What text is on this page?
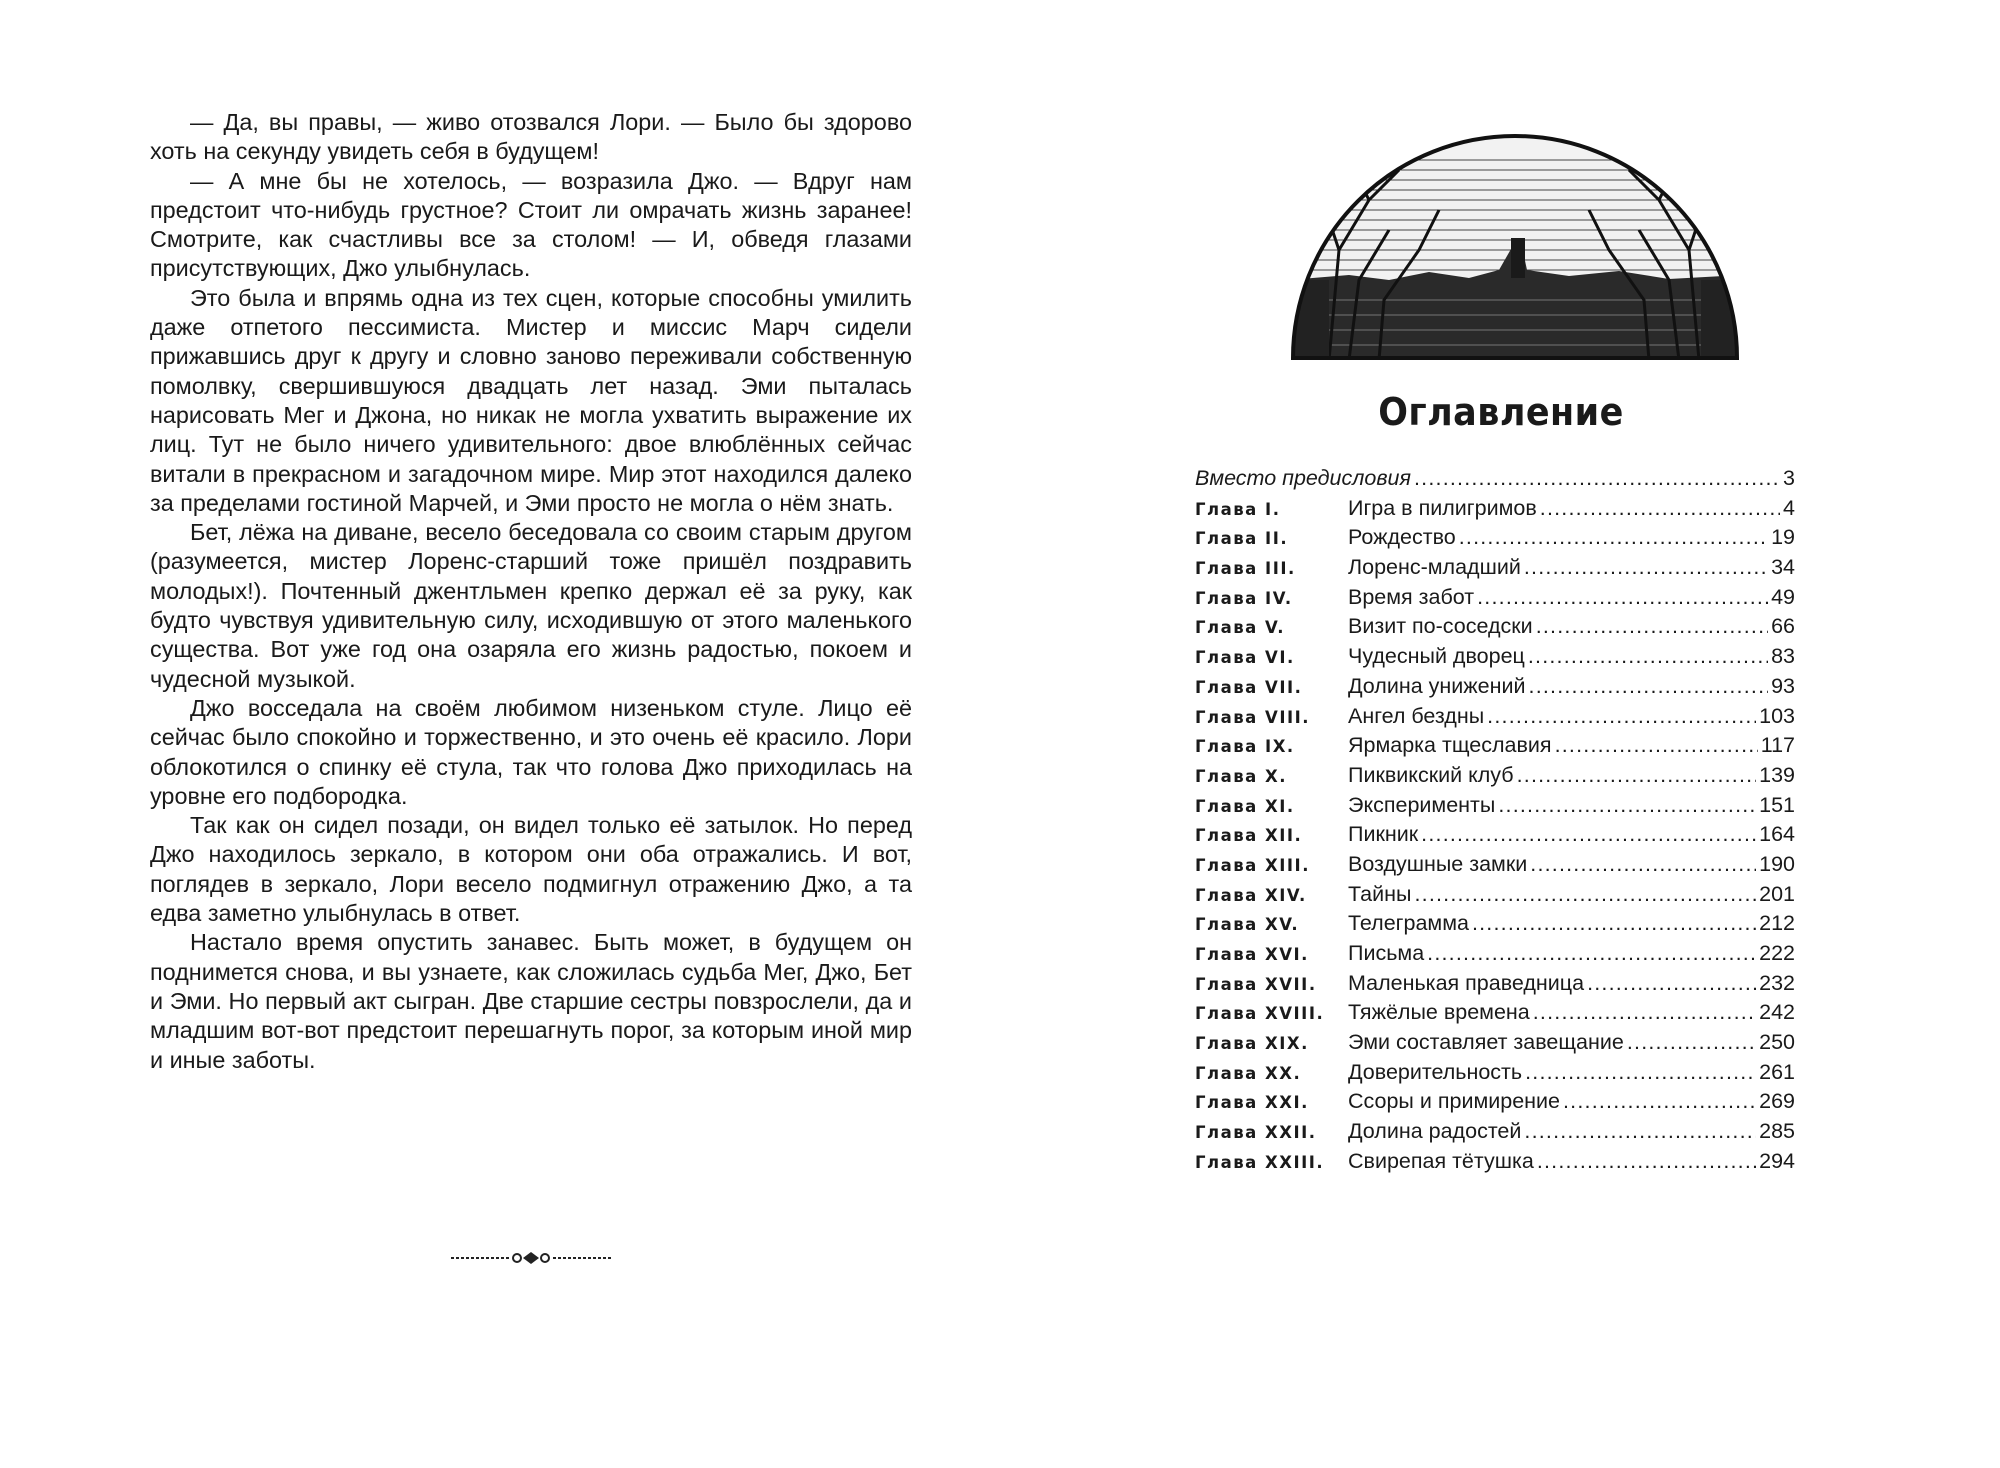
— Да, вы правы, — живо отозвался Лори. — Было бы здорово хоть на секунду увидеть себя в будущем!

— А мне бы не хотелось, — возразила Джо. — Вдруг нам предстоит что-нибудь грустное? Стоит ли омрачать жизнь заранее! Смотрите, как счастливы все за столом! — И, обведя глазами присутствующих, Джо улыбнулась.

Это была и впрямь одна из тех сцен, которые способны умилить даже отпетого пессимиста. Мистер и миссис Марч сидели прижавшись друг к другу и словно заново переживали собственную помолвку, свершившуюся двадцать лет назад. Эми пыталась нарисовать Мег и Джона, но никак не могла ухватить выражение их лиц. Тут не было ничего удивительного: двое влюблённых сейчас витали в прекрасном и загадочном мире. Мир этот находился далеко за пределами гостиной Марчей, и Эми просто не могла о нём знать.

Бет, лёжа на диване, весело беседовала со своим старым другом (разумеется, мистер Лоренс-старший тоже пришёл поздравить молодых!). Почтенный джентльмен крепко держал её за руку, как будто чувствуя удивительную силу, исходившую от этого маленького существа. Вот уже год она озаряла его жизнь радостью, покоем и чудесной музыкой.

Джо восседала на своём любимом низеньком стуле. Лицо её сейчас было спокойно и торжественно, и это очень её красило. Лори облокотился о спинку её стула, так что голова Джо приходилась на уровне его подбородка.

Так как он сидел позади, он видел только её затылок. Но перед Джо находилось зеркало, в котором они оба отражались. И вот, поглядев в зеркало, Лори весело подмигнул отражению Джо, а та едва заметно улыбнулась в ответ.

Настало время опустить занавес. Быть может, в будущем он поднимется снова, и вы узнаете, как сложилась судьба Мег, Джо, Бет и Эми. Но первый акт сыгран. Две старшие сестры повзрослели, да и младшим вот-вот предстоит перешагнуть порог, за которым иной мир и иные заботы.

Оглавление
Вместо предисловия .....	3
Глава I.	Игра в пилигримов .....	4
Глава II.	Рождество .....	19
Глава III.	Лоренс-младший .....	34
Глава IV.	Время забот .....	49
Глава V.	Визит по-соседски .....	66
Глава VI.	Чудесный дворец .....	83
Глава VII.	Долина унижений .....	93
Глава VIII.	Ангел бездны .....	103
Глава IX.	Ярмарка тщеславия .....	117
Глава X.	Пиквикский клуб .....	139
Глава XI.	Эксперименты .....	151
Глава XII.	Пикник .....	164
Глава XIII.	Воздушные замки .....	190
Глава XIV.	Тайны .....	201
Глава XV.	Телеграмма .....	212
Глава XVI.	Письма .....	222
Глава XVII.	Маленькая праведница .....	232
Глава XVIII.	Тяжёлые времена .....	242
Глава XIX.	Эми составляет завещание .....	250
Глава XX.	Доверительность .....	261
Глава XXI.	Ссоры и примирение .....	269
Глава XXII.	Долина радостей .....	285
Глава XXIII.	Свирепая тётушка .....	294
